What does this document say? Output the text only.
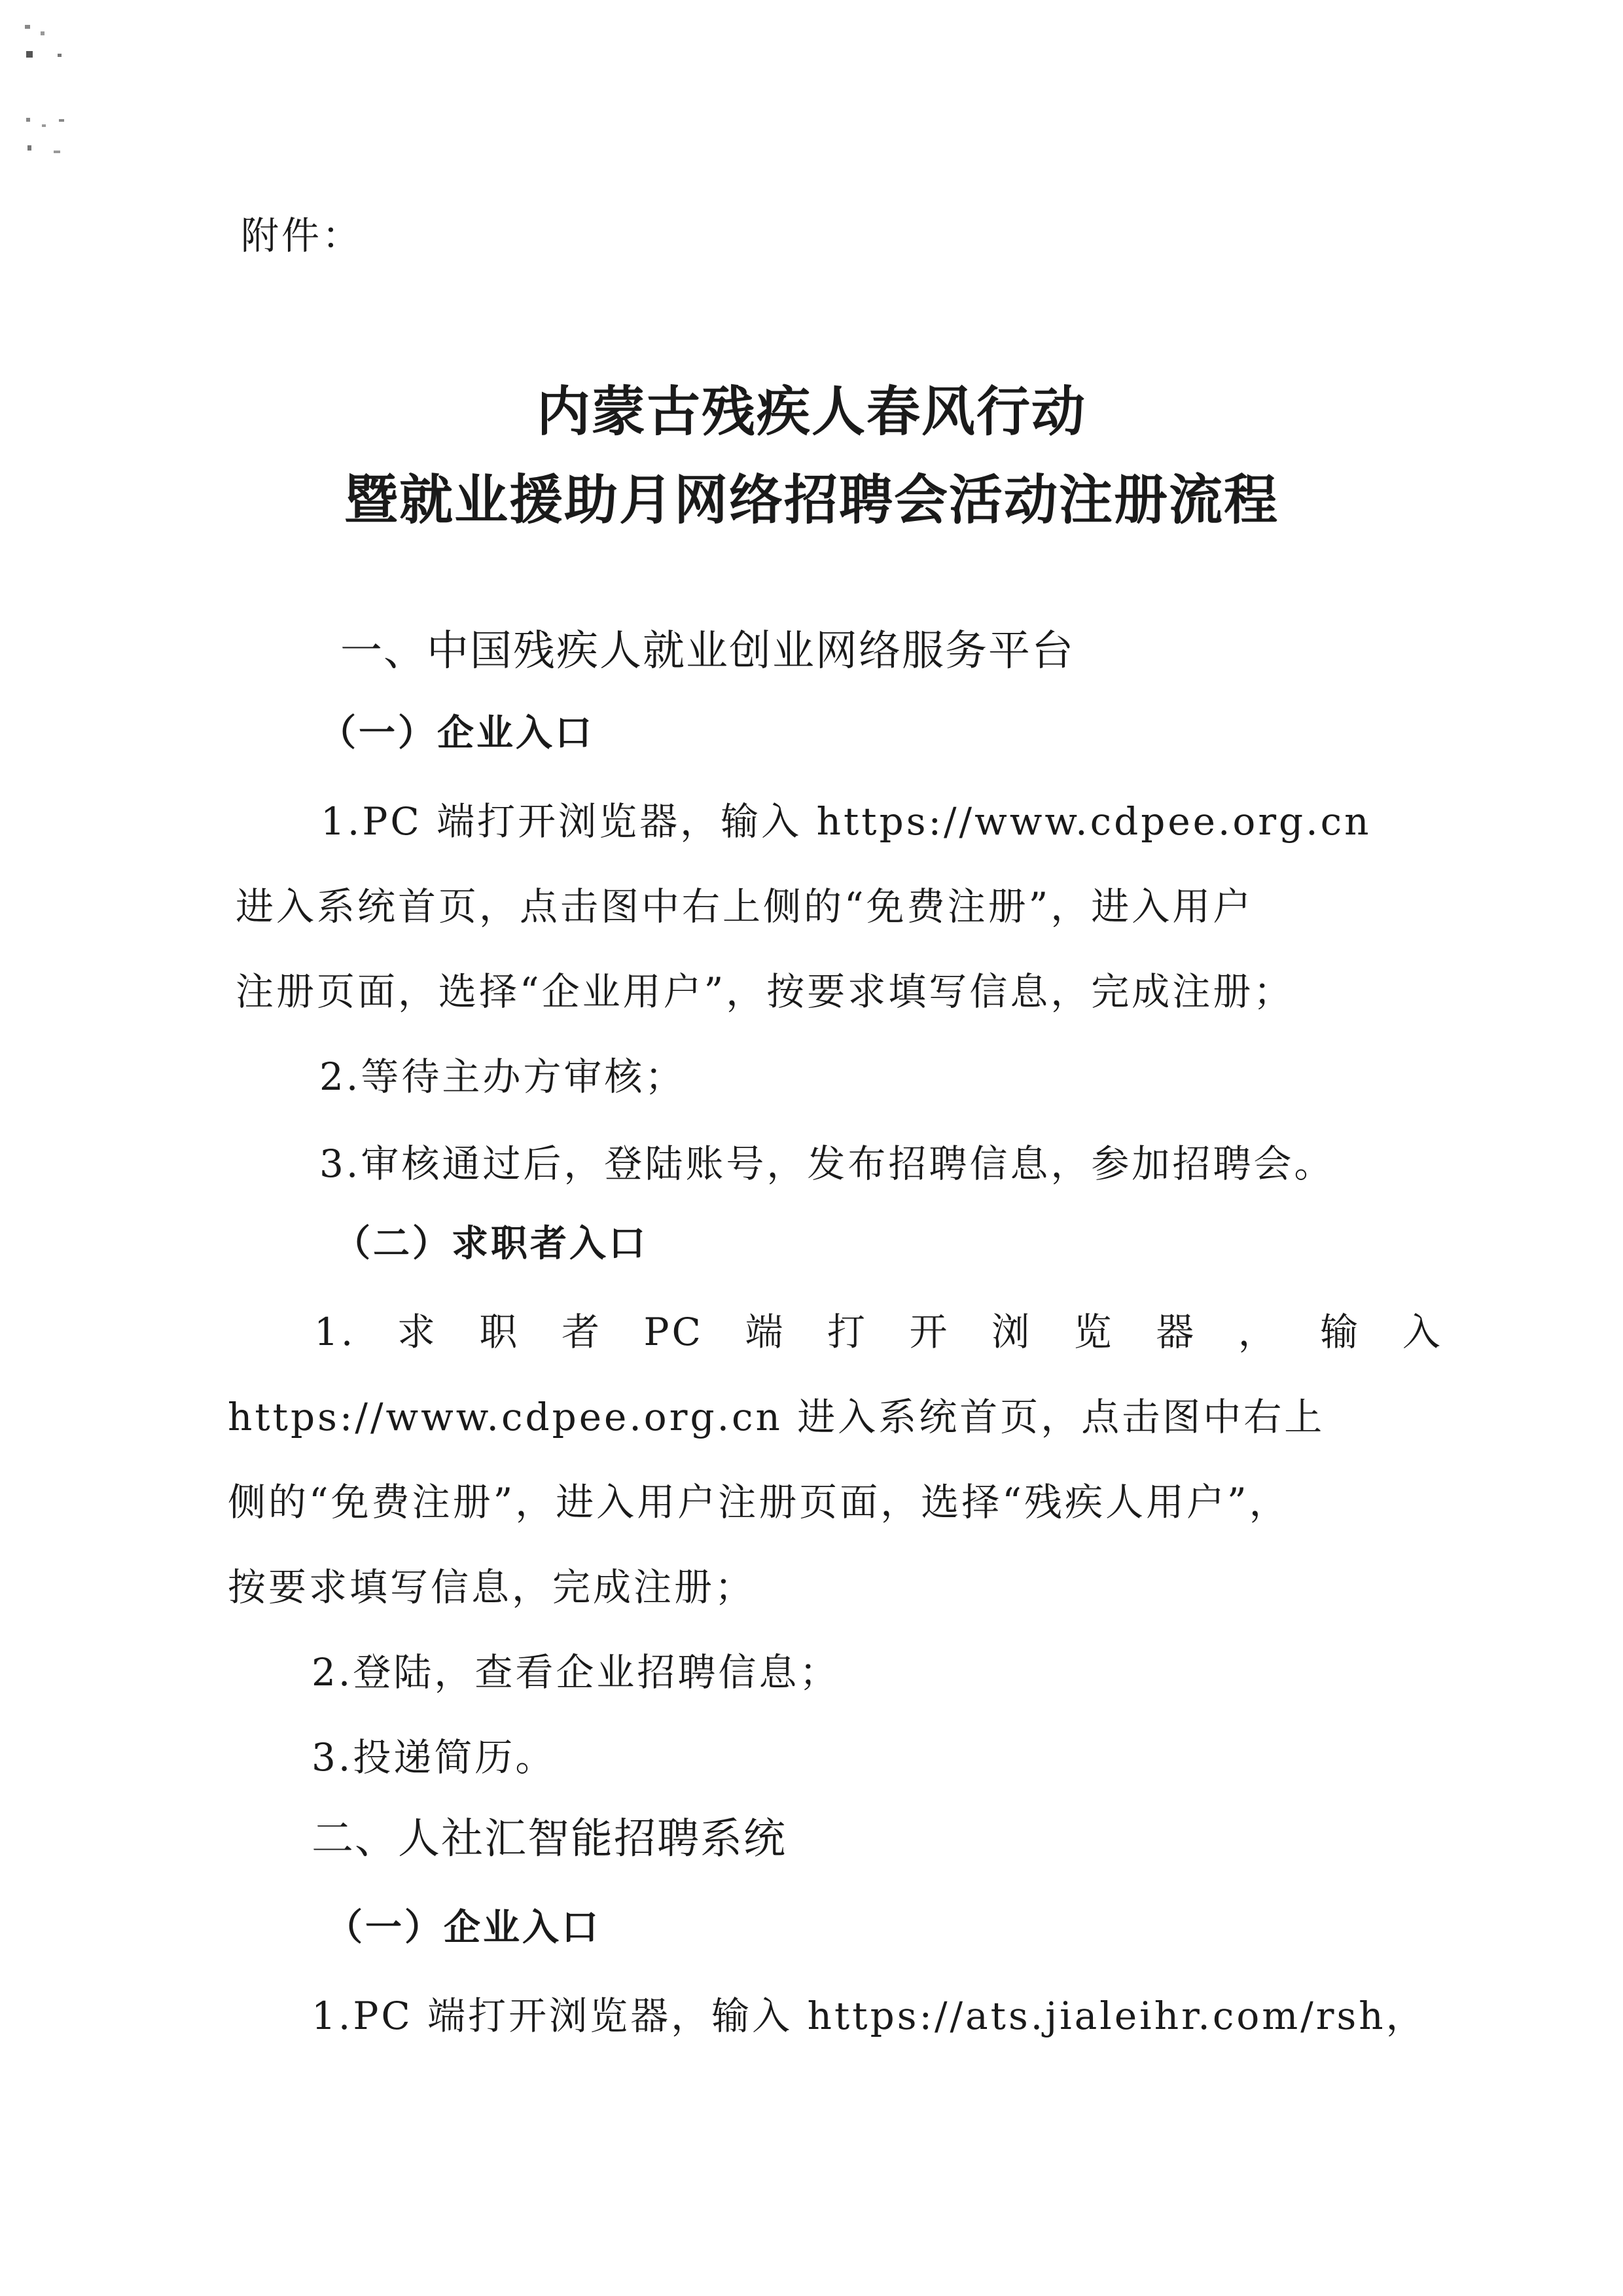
附件：
内蒙古残疾人春风行动
暨就业援助月网络招聘会活动注册流程
一、中国残疾人就业创业网络服务平台
（一）企业入口
1.PC 端打开浏览器，输入 https://www.cdpee.org.cn
进入系统首页，点击图中右上侧的“免费注册”，进入用户
注册页面，选择“企业用户”，按要求填写信息，完成注册；
2.等待主办方审核；
3.审核通过后，登陆账号，发布招聘信息，参加招聘会。
（二）求职者入口
1. 求 职 者 PC 端 打 开 浏 览 器 ， 输 入
https://www.cdpee.org.cn 进入系统首页，点击图中右上
侧的“免费注册”，进入用户注册页面，选择“残疾人用户”，
按要求填写信息，完成注册；
2.登陆，查看企业招聘信息；
3.投递简历。
二、人社汇智能招聘系统
（一）企业入口
1.PC 端打开浏览器，输入 https://ats.jialeihr.com/rsh，
